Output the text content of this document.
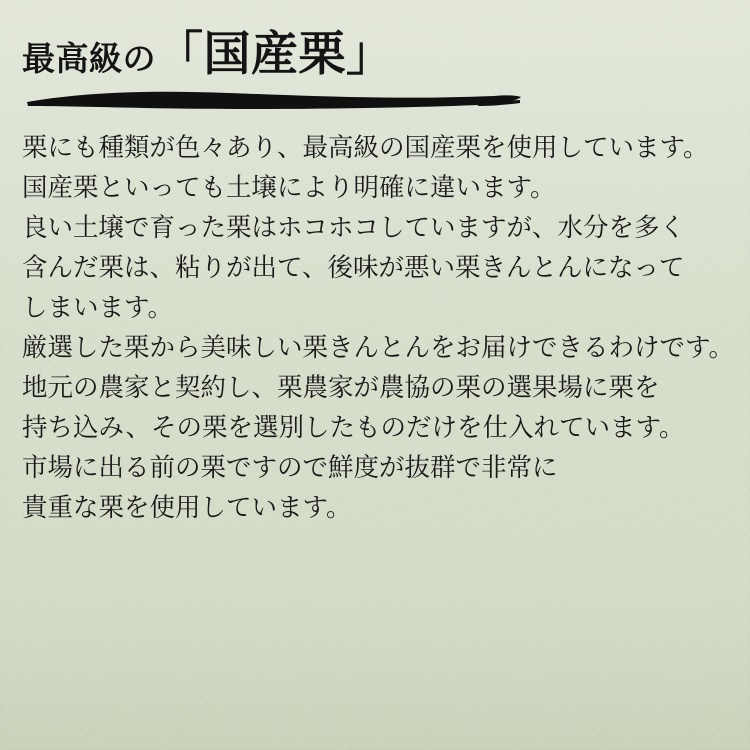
最高級の「国産栗」

栗にも種類が色々あり、最高級の国産栗を使用しています。

国産栗といっても土壌により明確に違います。

良い土壌で育った栗はホコホコしていますが、水分を多く

含んだ栗は、粘りが出て、後味が悪い栗きんとんになって

しまいます。

厳選した栗から美味しい栗きんとんをお届けできるわけです。

地元の農家と契約し、栗農家が農協の栗の選果場に栗を

持ち込み、その栗を選別したものだけを仕入れています。

市場に出る前の栗ですので鮮度が抜群で非常に

貴重な栗を使用しています。
